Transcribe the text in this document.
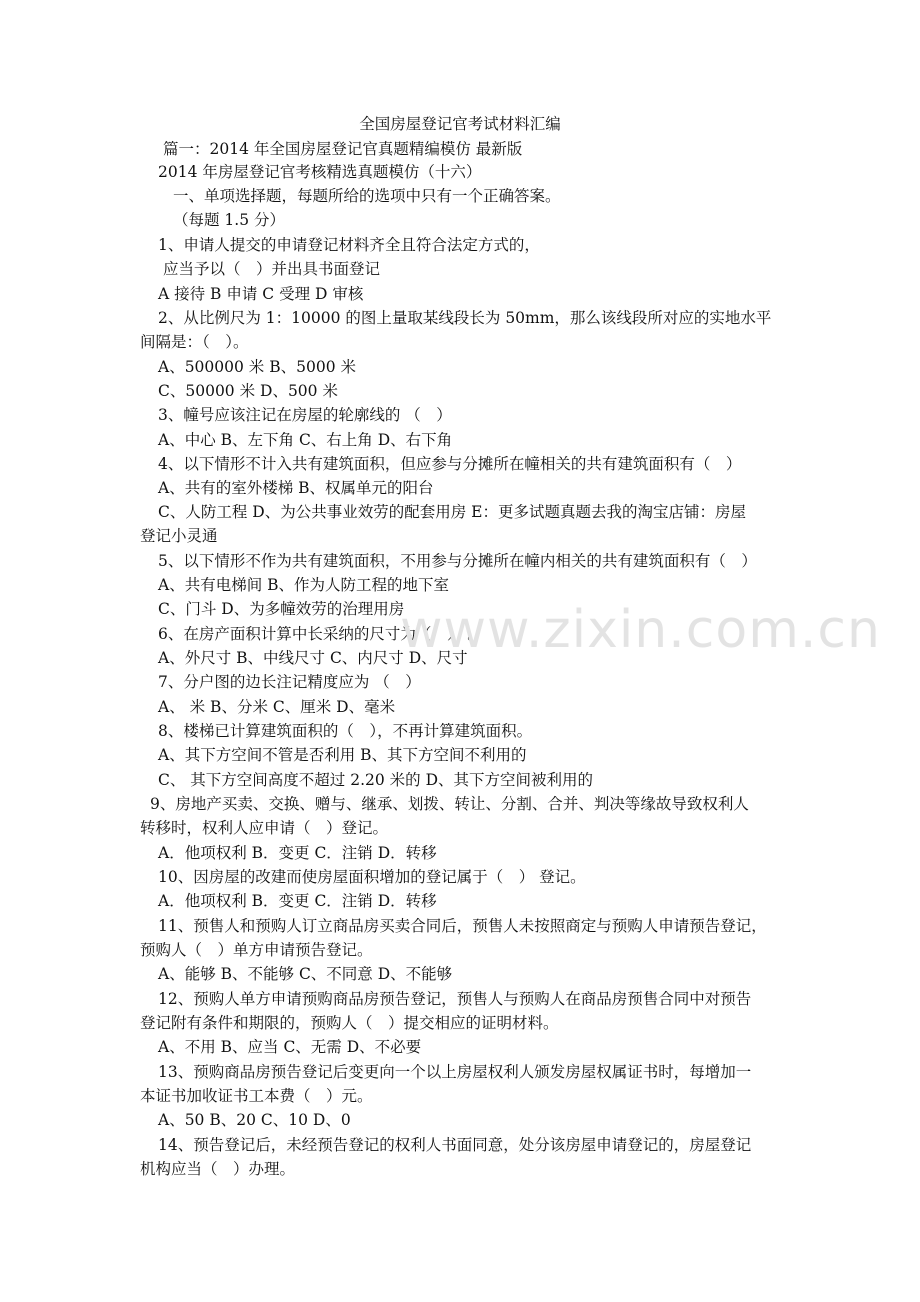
全国房屋登记官考试材料汇编
篇一：2014 年全国房屋登记官真题精编模仿 最新版
2014 年房屋登记官考核精选真题模仿（十六）
一、单项选择题，每题所给的选项中只有一个正确答案。
（每题 1.5 分）
1、申请人提交的申请登记材料齐全且符合法定方式的，
应当予以（　）并出具书面登记
A 接待 B 申请 C 受理 D 审核
2、从比例尺为 1：10000 的图上量取某线段长为 50mm，那么该线段所对应的实地水平
间隔是：（　）。
A、500000 米 B、5000 米
C、50000 米 D、500 米
3、幢号应该注记在房屋的轮廓线的 （　）
A、中心 B、左下角 C、右上角 D、右下角
4、以下情形不计入共有建筑面积，但应参与分摊所在幢相关的共有建筑面积有（　）
A、共有的室外楼梯 B、权属单元的阳台
C、人防工程 D、为公共事业效劳的配套用房 E：更多试题真题去我的淘宝店铺：房屋
登记小灵通
5、以下情形不作为共有建筑面积，不用参与分摊所在幢内相关的共有建筑面积有（　）
A、共有电梯间 B、作为人防工程的地下室
C、门斗 D、为多幢效劳的治理用房
6、在房产面积计算中长采纳的尺寸为（　） 。
A、外尺寸 B、中线尺寸 C、内尺寸 D、尺寸
7、分户图的边长注记精度应为 （　）
A、 米 B、分米 C、厘米 D、毫米
8、楼梯已计算建筑面积的（　），不再计算建筑面积。
A、其下方空间不管是否利用 B、其下方空间不利用的
C、 其下方空间高度不超过 2.20 米的 D、其下方空间被利用的
9、房地产买卖、交换、赠与、继承、划拨、转让、分割、合并、判决等缘故导致权利人
转移时，权利人应申请（　）登记。
A．他项权利 B．变更 C．注销 D．转移
10、因房屋的改建而使房屋面积增加的登记属于（　） 登记。
A．他项权利 B．变更 C．注销 D．转移
11、预售人和预购人订立商品房买卖合同后，预售人未按照商定与预购人申请预告登记，
预购人（　）单方申请预告登记。
A、能够 B、不能够 C、不同意 D、不能够
12、预购人单方申请预购商品房预告登记，预售人与预购人在商品房预售合同中对预告
登记附有条件和期限的，预购人（　）提交相应的证明材料。
A、不用 B、应当 C、无需 D、不必要
13、预购商品房预告登记后变更向一个以上房屋权利人颁发房屋权属证书时，每增加一
本证书加收证书工本费（　）元。
A、50 B、20 C、10 D、0
14、预告登记后，未经预告登记的权利人书面同意，处分该房屋申请登记的，房屋登记
机构应当（　）办理。
www.zixin.com.cn
